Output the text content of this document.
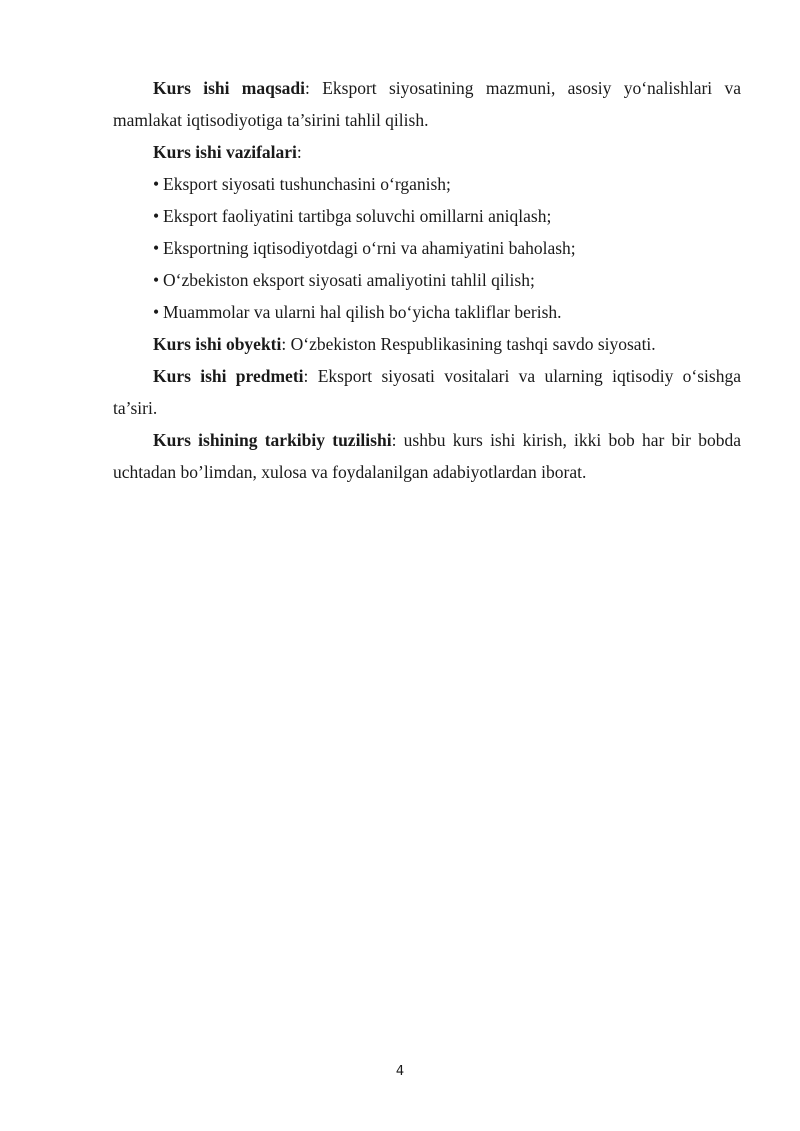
Kurs ishi maqsadi: Eksport siyosatining mazmuni, asosiy yo‘nalishlari va mamlakat iqtisodiyotiga ta’sirini tahlil qilish.

Kurs ishi vazifalari:

• Eksport siyosati tushunchasini o‘rganish;

• Eksport faoliyatini tartibga soluvchi omillarni aniqlash;

• Eksportning iqtisodiyotdagi o‘rni va ahamiyatini baholash;

• O‘zbekiston eksport siyosati amaliyotini tahlil qilish;

• Muammolar va ularni hal qilish bo‘yicha takliflar berish.

Kurs ishi obyekti: O‘zbekiston Respublikasining tashqi savdo siyosati.

Kurs ishi predmeti: Eksport siyosati vositalari va ularning iqtisodiy o‘sishga ta’siri.

Kurs ishining tarkibiy tuzilishi: ushbu kurs ishi kirish, ikki bob har bir bobda uchtadan bo’limdan, xulosa va foydalanilgan adabiyotlardan iborat.

4
